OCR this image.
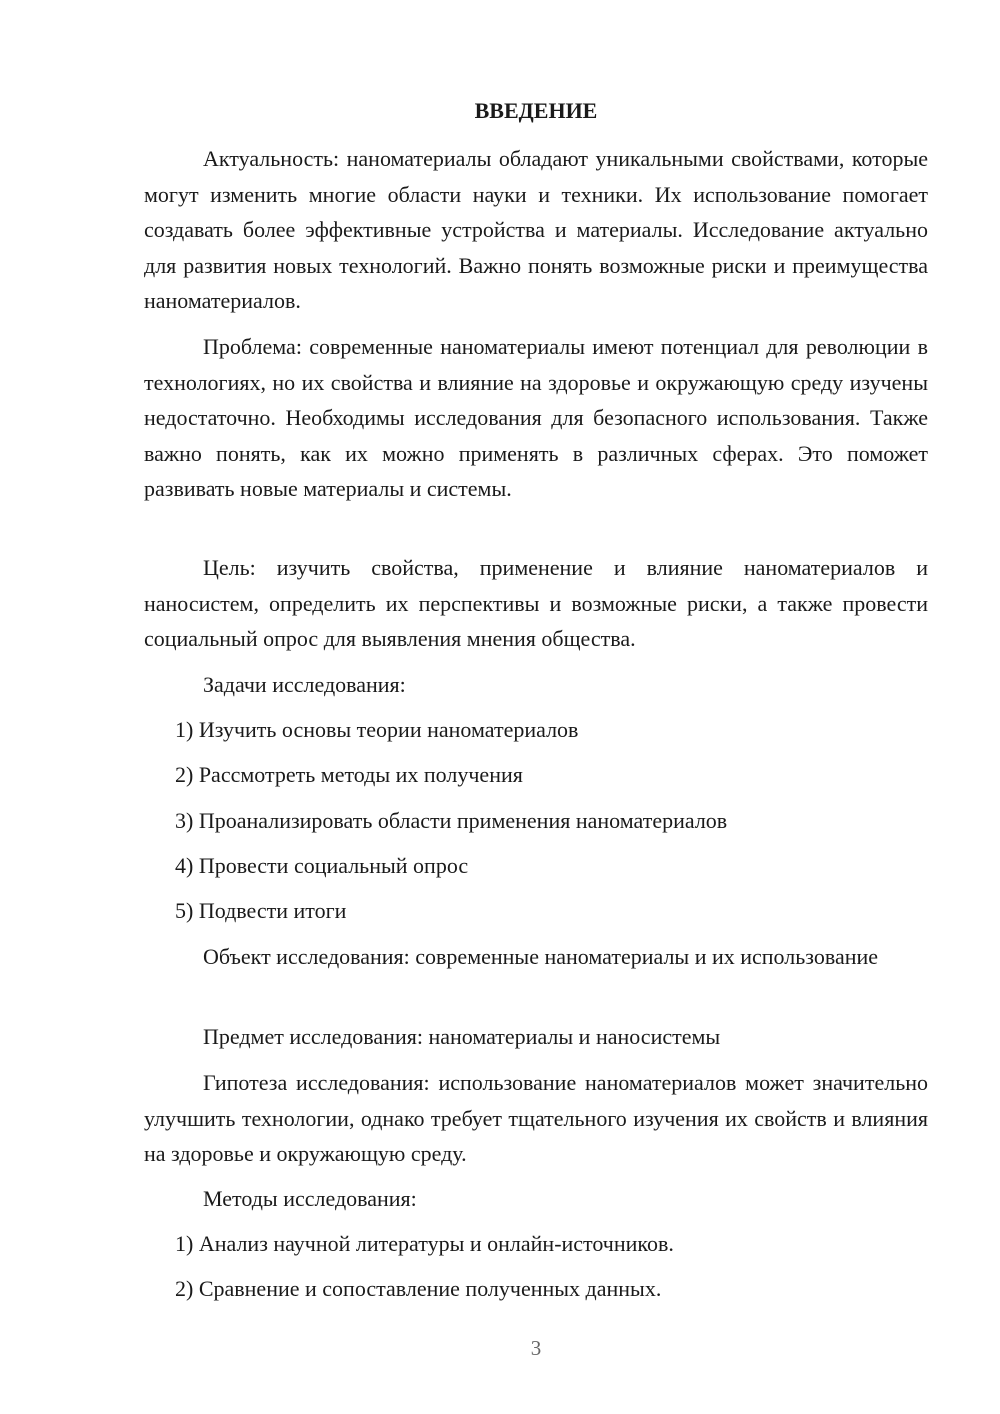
ВВЕДЕНИЕ

Актуальность: наноматериалы обладают уникальными свойствами, которые могут изменить многие области науки и техники. Их использование помогает создавать более эффективные устройства и материалы. Исследование актуально для развития новых технологий. Важно понять возможные риски и преимущества наноматериалов.

Проблема: современные наноматериалы имеют потенциал для революции в технологиях, но их свойства и влияние на здоровье и окружающую среду изучены недостаточно. Необходимы исследования для безопасного использования. Также важно понять, как их можно применять в различных сферах. Это поможет развивать новые материалы и системы.

Цель: изучить свойства, применение и влияние наноматериалов и наносистем, определить их перспективы и возможные риски, а также провести социальный опрос для выявления мнения общества.

Задачи исследования:
1) Изучить основы теории наноматериалов
2) Рассмотреть методы их получения
3) Проанализировать области применения наноматериалов
4) Провести социальный опрос
5) Подвести итоги

Объект исследования: современные наноматериалы и их использование

Предмет исследования: наноматериалы и наносистемы

Гипотеза исследования: использование наноматериалов может значительно улучшить технологии, однако требует тщательного изучения их свойств и влияния на здоровье и окружающую среду.

Методы исследования:
1) Анализ научной литературы и онлайн-источников.
2) Сравнение и сопоставление полученных данных.
3
